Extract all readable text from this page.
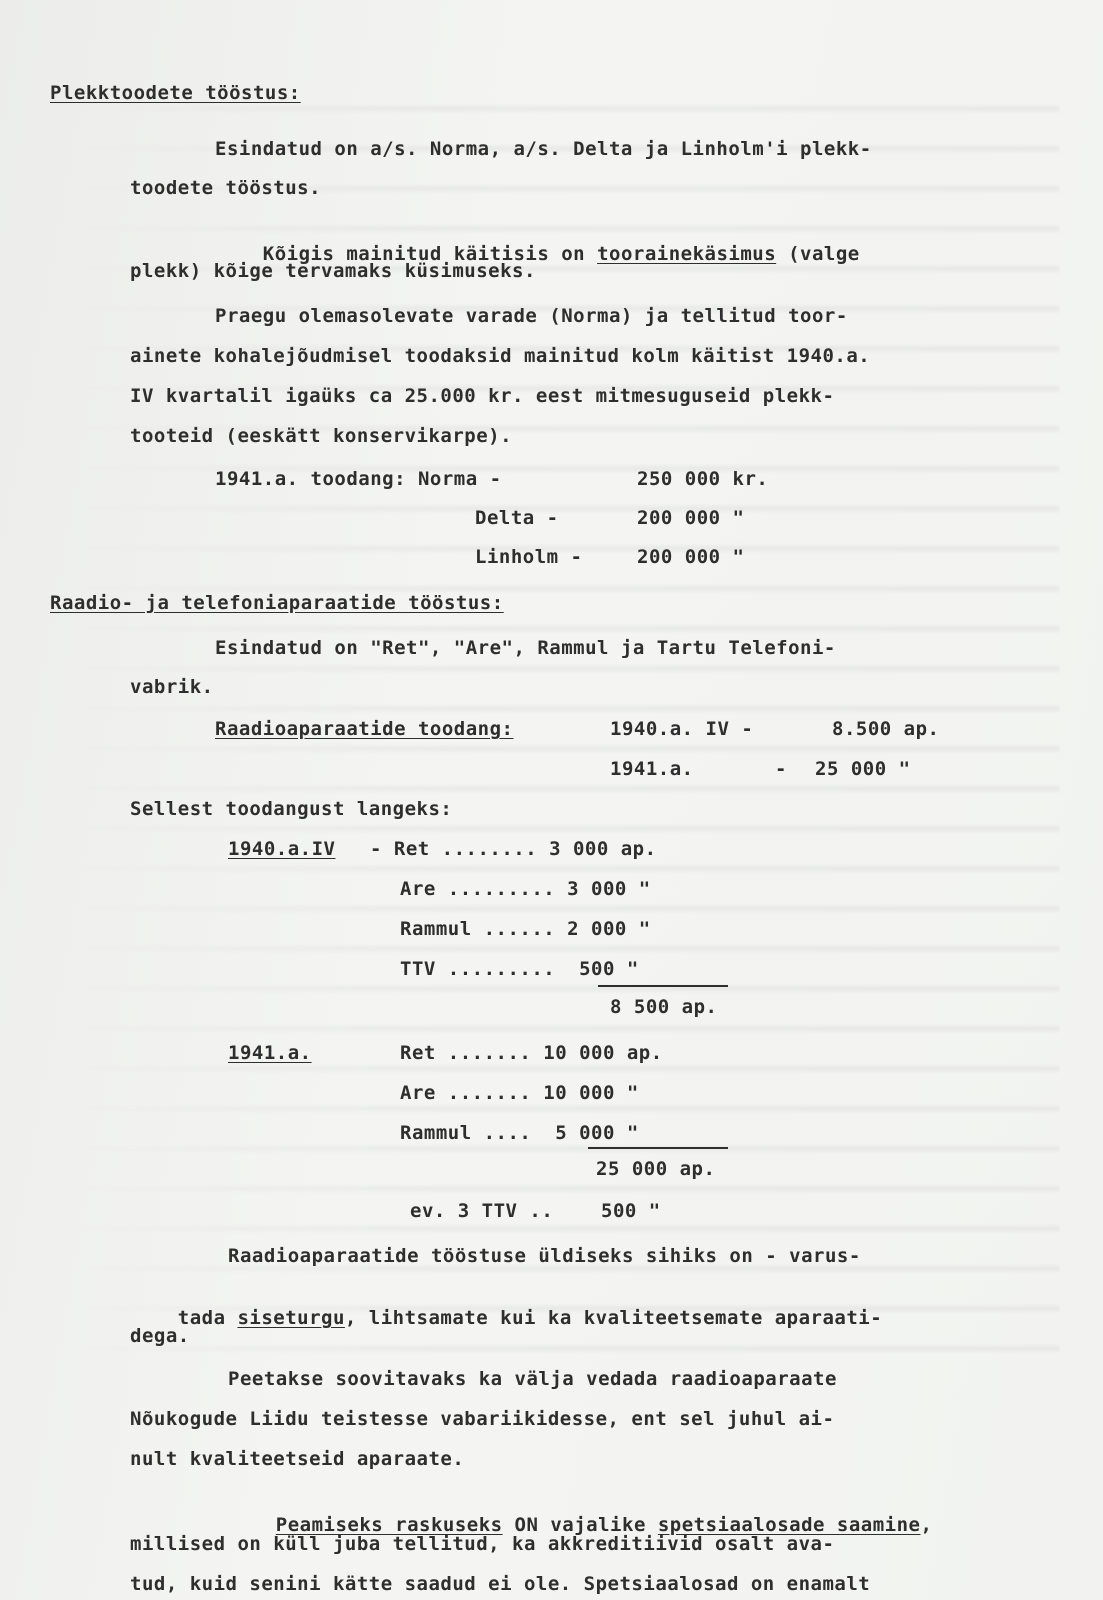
Plekktoodete tööstus:
Esindatud on a/s. Norma, a/s. Delta ja Linholm'i plekk-
toodete tööstus.

Kõigis mainitud käitisis on toorainekäsimus (valge

plekk) kõige tervamaks küsimuseks.
Praegu olemasolevate varade (Norma) ja tellitud toor-
ainete kohalejõudmisel toodaksid mainitud kolm käitist 1940.a.
IV kvartalil igaüks ca 25.000 kr. eest mitmesuguseid plekk-
tooteid (eeskätt konservikarpe).
1941.a. toodang: Norma -	250 000 kr.
Delta -	200 000 "
Linholm -	200 000 "
Raadio- ja telefoniaparaatide tööstus:
Esindatud on "Ret", "Are", Rammul ja Tartu Telefoni-
vabrik.
Raadioaparaatide toodang:	1940.a. IV -	8.500 ap.
1941.a.	- 25 000 "
Sellest toodangust langeks:
1940.a.IV - Ret ........ 3 000 ap.
Are ......... 3 000 "
Rammul ...... 2 000 "
TTV .........  500 "
8 500 ap.
1941.a.	Ret ....... 10 000 ap.
Are ....... 10 000 "
Rammul ....  5 000 "
25 000 ap.
ev. 3 TTV ..    500 "
Raadioaparaatide tööstuse üldiseks sihiks on - varus-

tada siseturgu, lihtsamate kui ka kvaliteetsemate aparaati-

dega.
Peetakse soovitavaks ka välja vedada raadioaparaate
Nõukogude Liidu teistesse vabariikidesse, ent sel juhul ai-
nult kvaliteetseid aparaate.

Peamiseks raskuseks ON vajalike spetsiaalosade saamine,

millised on küll juba tellitud, ka akkreditiivid osalt ava-
tud, kuid senini kätte saadud ei ole. Spetsiaalosad on enamalt
